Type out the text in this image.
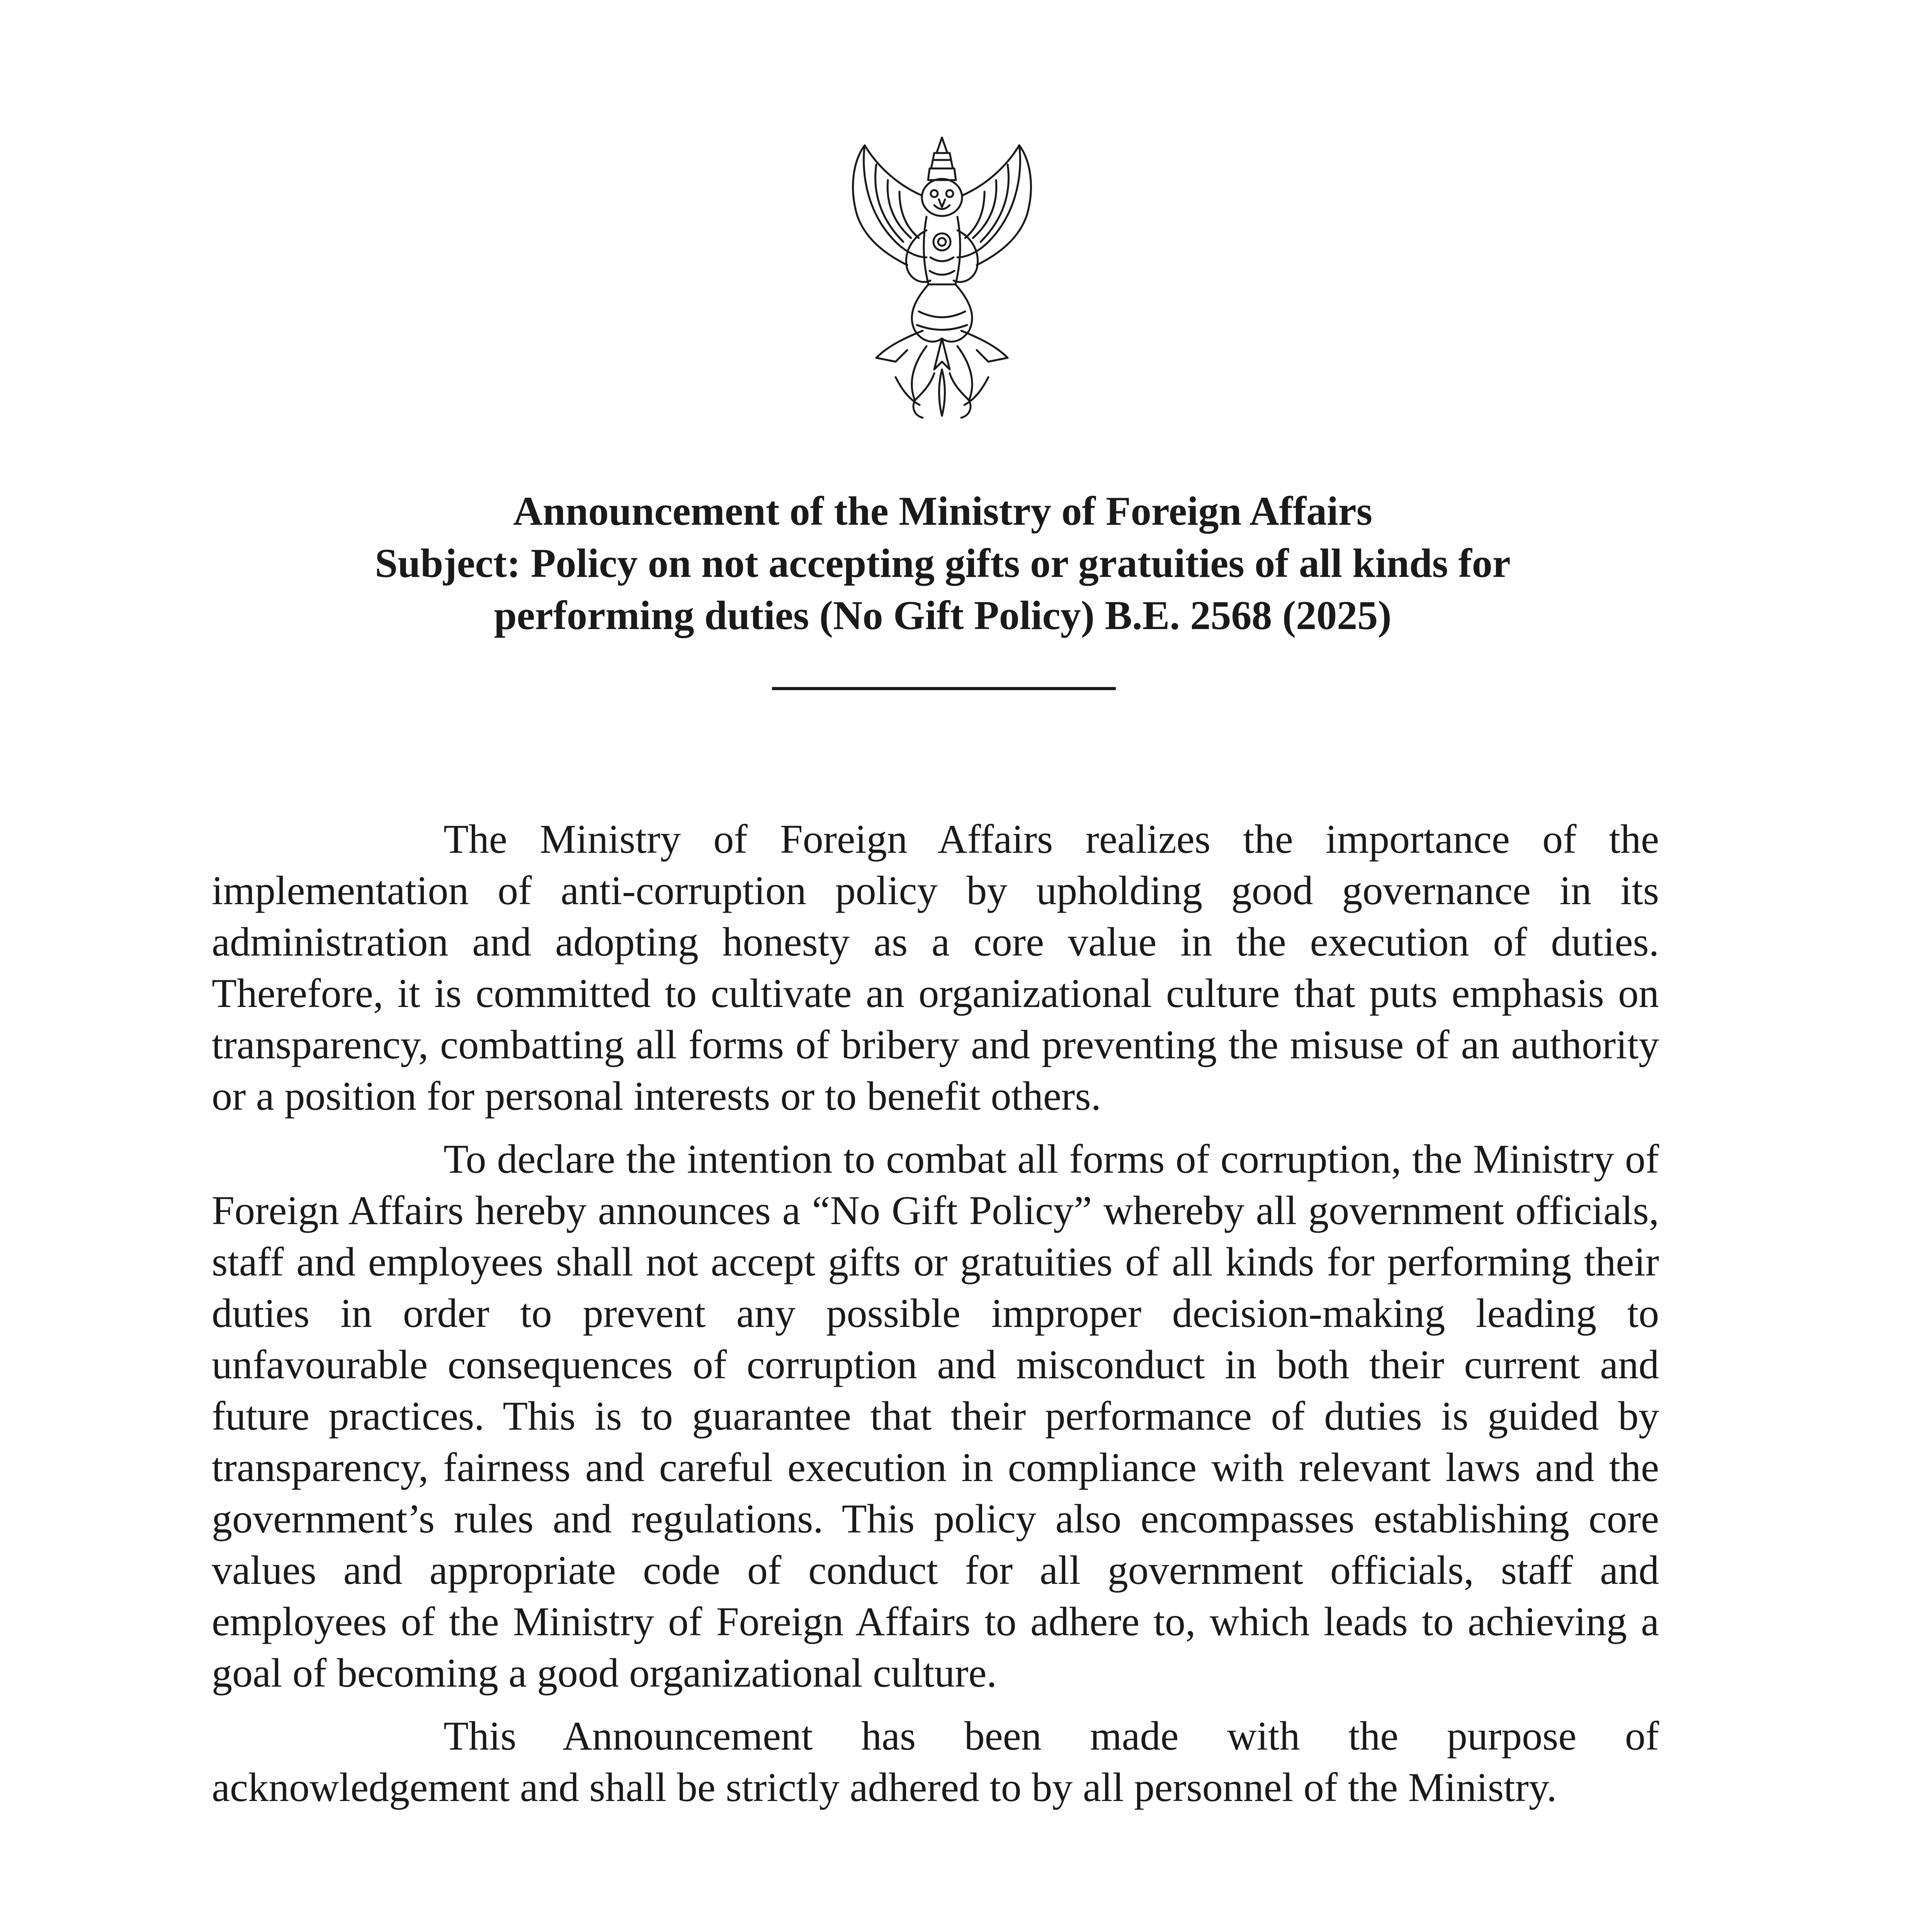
Announcement of the Ministry of Foreign Affairs
Subject: Policy on not accepting gifts or gratuities of all kinds for
performing duties (No Gift Policy) B.E. 2568 (2025)

The Ministry of Foreign Affairs realizes the importance of the implementation of anti-corruption policy by upholding good governance in its administration and adopting honesty as a core value in the execution of duties. Therefore, it is committed to cultivate an organizational culture that puts emphasis on transparency, combatting all forms of bribery and preventing the misuse of an authority or a position for personal interests or to benefit others.

To declare the intention to combat all forms of corruption, the Ministry of Foreign Affairs hereby announces a “No Gift Policy” whereby all government officials, staff and employees shall not accept gifts or gratuities of all kinds for performing their duties in order to prevent any possible improper decision-making leading to unfavourable consequences of corruption and misconduct in both their current and future practices. This is to guarantee that their performance of duties is guided by transparency, fairness and careful execution in compliance with relevant laws and the government’s rules and regulations. This policy also encompasses establishing core values and appropriate code of conduct for all government officials, staff and employees of the Ministry of Foreign Affairs to adhere to, which leads to achieving a goal of becoming a good organizational culture.

This Announcement has been made with the purpose of acknowledgement and shall be strictly adhered to by all personnel of the Ministry.
